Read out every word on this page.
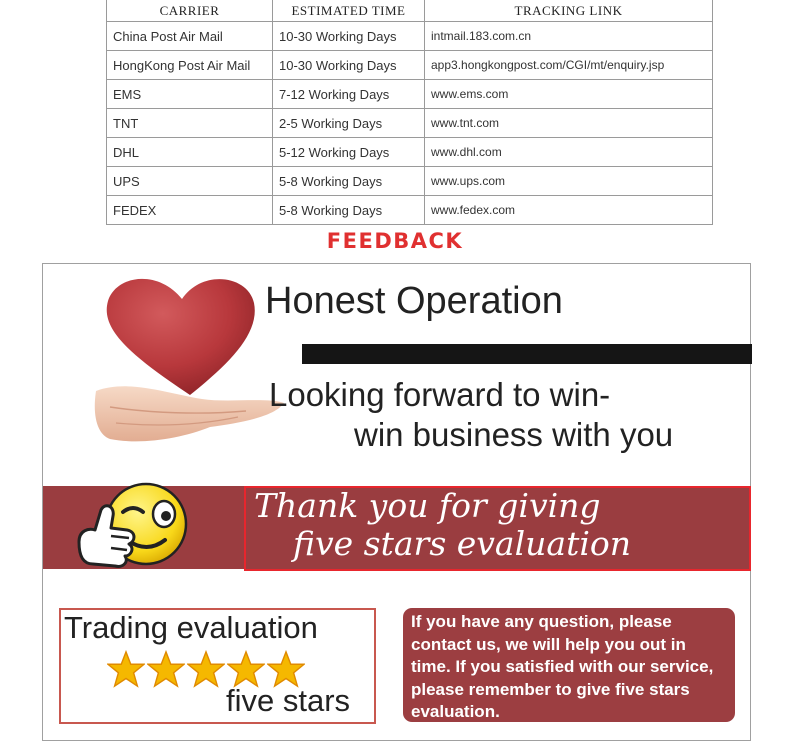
CARRIER	ESTIMATED TIME	TRACKING LINK
China Post Air Mail	10-30 Working Days	intmail.183.com.cn
HongKong Post Air Mail	10-30 Working Days	app3.hongkongpost.com/CGI/mt/enquiry.jsp
EMS	7-12 Working Days	www.ems.com
TNT	2-5 Working Days	www.tnt.com
DHL	5-12 Working Days	www.dhl.com
UPS	5-8 Working Days	www.ups.com
FEDEX	5-8 Working Days	www.fedex.com
FEEDBACK
Honest Operation
Looking forward to win-
win business with you
Thank you for giving
five stars evaluation
Trading evaluation
five stars

If you have any question, please contact us, we will help you out in time. If you satisfied with our service, please remember to give five stars evaluation.
